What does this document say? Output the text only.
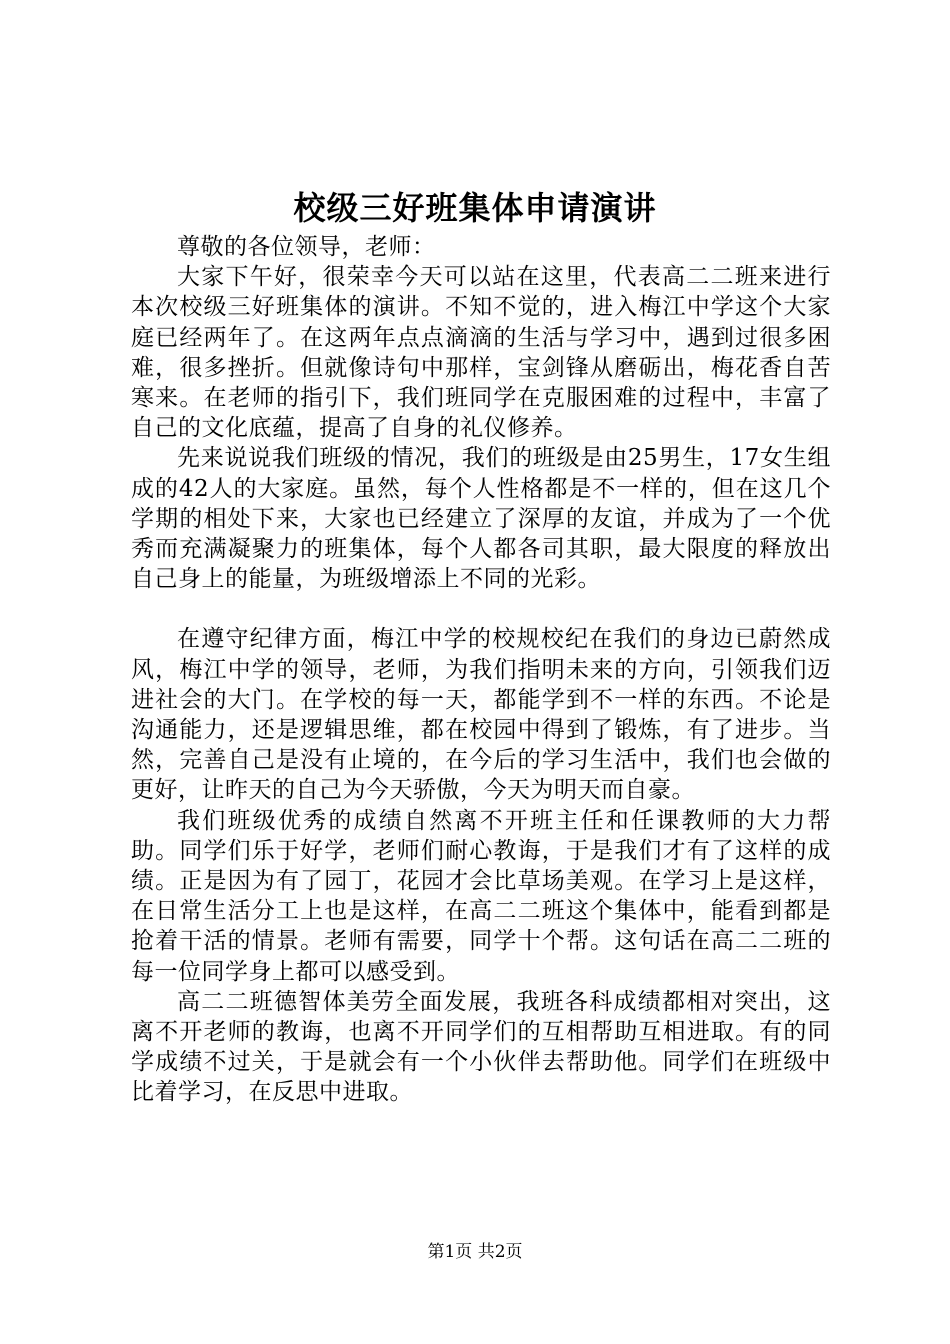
校级三好班集体申请演讲

尊敬的各位领导，老师：

大家下午好，很荣幸今天可以站在这里，代表高二二班来进行本次校级三好班集体的演讲。不知不觉的，进入梅江中学这个大家庭已经两年了。在这两年点点滴滴的生活与学习中，遇到过很多困难，很多挫折。但就像诗句中那样，宝剑锋从磨砺出，梅花香自苦寒来。在老师的指引下，我们班同学在克服困难的过程中，丰富了自己的文化底蕴，提高了自身的礼仪修养。

先来说说我们班级的情况，我们的班级是由25男生，17女生组成的42人的大家庭。虽然，每个人性格都是不一样的，但在这几个学期的相处下来，大家也已经建立了深厚的友谊，并成为了一个优秀而充满凝聚力的班集体，每个人都各司其职，最大限度的释放出自己身上的能量，为班级增添上不同的光彩。

在遵守纪律方面，梅江中学的校规校纪在我们的身边已蔚然成风，梅江中学的领导，老师，为我们指明未来的方向，引领我们迈进社会的大门。在学校的每一天，都能学到不一样的东西。不论是沟通能力，还是逻辑思维，都在校园中得到了锻炼，有了进步。当然，完善自己是没有止境的，在今后的学习生活中，我们也会做的更好，让昨天的自己为今天骄傲，今天为明天而自豪。

我们班级优秀的成绩自然离不开班主任和任课教师的大力帮助。同学们乐于好学，老师们耐心教诲，于是我们才有了这样的成绩。正是因为有了园丁，花园才会比草场美观。在学习上是这样，在日常生活分工上也是这样，在高二二班这个集体中，能看到都是抢着干活的情景。老师有需要，同学十个帮。这句话在高二二班的每一位同学身上都可以感受到。

高二二班德智体美劳全面发展，我班各科成绩都相对突出，这离不开老师的教诲，也离不开同学们的互相帮助互相进取。有的同学成绩不过关，于是就会有一个小伙伴去帮助他。同学们在班级中比着学习，在反思中进取。

第1页 共2页
